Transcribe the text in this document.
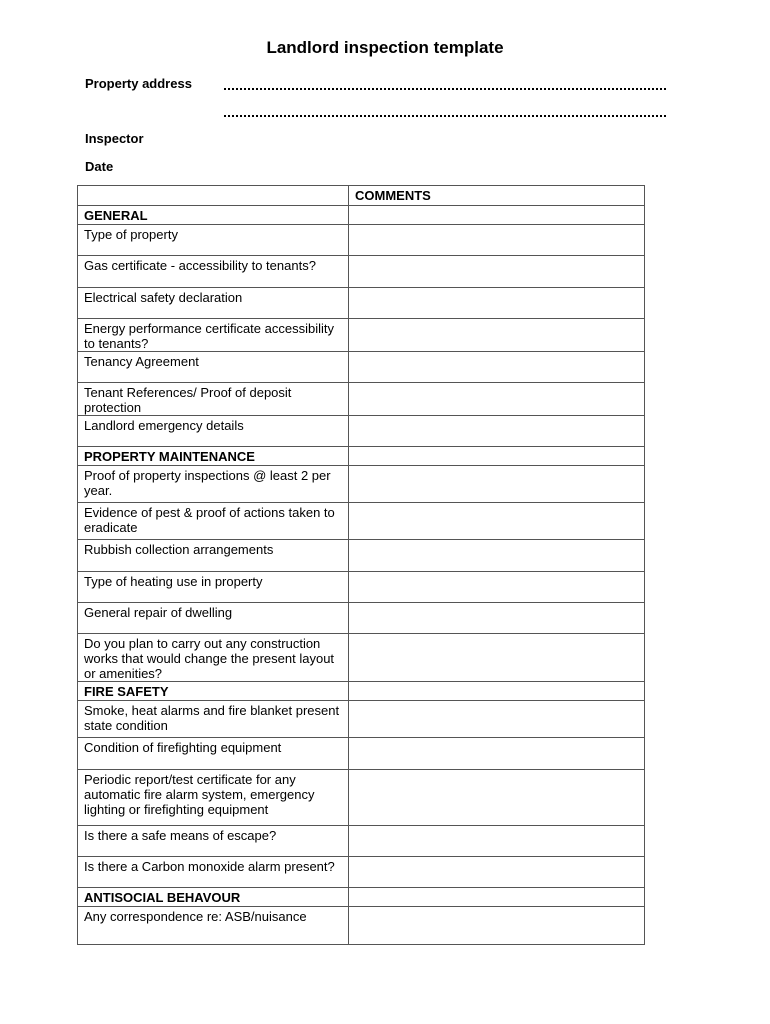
Landlord inspection template
Property address
Inspector
Date
	COMMENTS
GENERAL	
Type of property	
Gas certificate - accessibility to tenants?	
Electrical safety declaration	
Energy performance certificate accessibility to tenants?	
Tenancy Agreement	
Tenant References/ Proof of deposit protection	
Landlord emergency details	
PROPERTY MAINTENANCE	
Proof of property inspections @ least 2 per year.	
Evidence of pest & proof of actions taken to eradicate	
Rubbish collection arrangements	
Type of heating use in property	
General repair of dwelling	
Do you plan to carry out any construction works that would change the present layout or amenities?	
FIRE SAFETY	
Smoke, heat alarms and fire blanket present state condition	
Condition of firefighting equipment	
Periodic report/test certificate for any automatic fire alarm system, emergency lighting or firefighting equipment	
Is there a safe means of escape?	
Is there a Carbon monoxide alarm present?	
ANTISOCIAL BEHAVOUR	
Any correspondence re: ASB/nuisance	
